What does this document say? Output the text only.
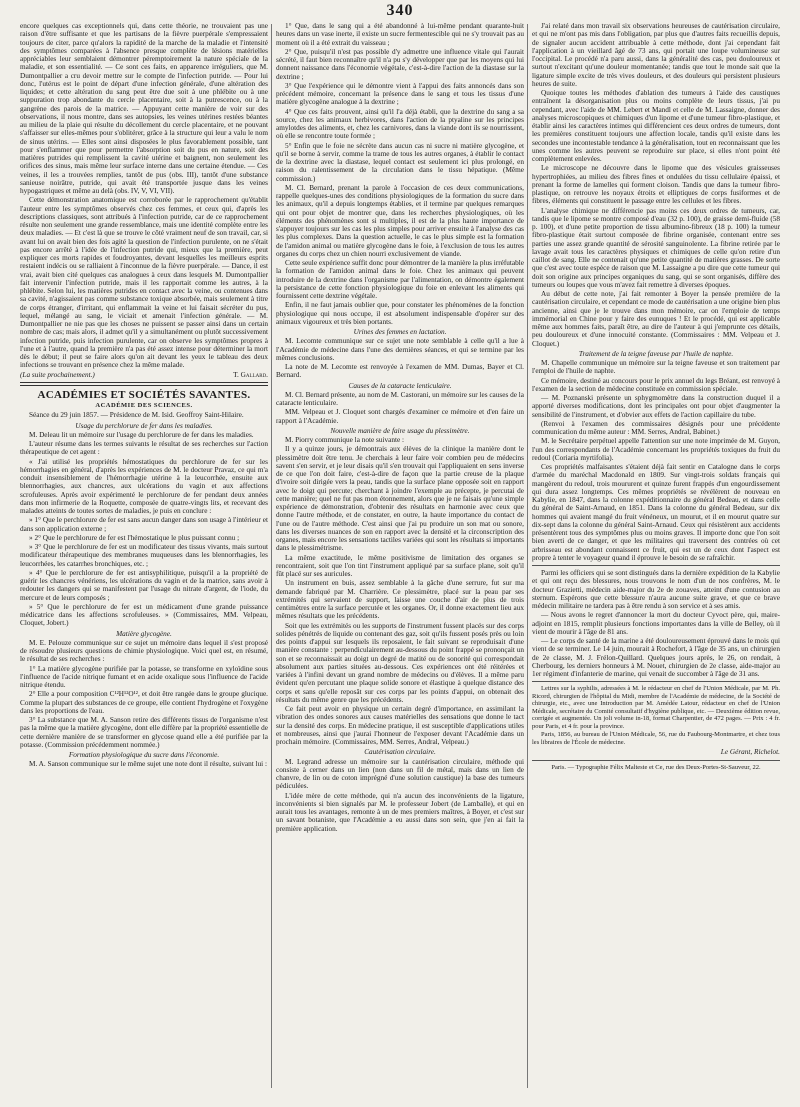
340

encore quelques cas exceptionnels qui, dans cette théorie, ne trouvaient pas une raison d'être suffisante et que les partisans de la fièvre puerpérale s'empressaient toujours de citer, parce qu'alors la rapidité de la marche de la maladie et l'intensité des symptômes comparées à l'absence presque complète de lésions matérielles appréciables leur semblaient démontrer péremptoirement la nature spéciale de la maladie, et son essentialité. — Ce sont ces faits, en apparence irréguliers, que M. Dumontpallier a cru devoir mettre sur le compte de l'infection putride. — Pour lui donc, l'utérus est le point de départ d'une infection générale, d'une altération des liquides; et cette altération du sang peut être due soit à une phlébite ou à une suppuration trop abondante du cercle placentaire, soit à la putrescence, ou à la gangrène des parois de la matrice. — Appuyant cette manière de voir sur des observations, il nous montre, dans ses autopsies, les veines utérines restées béantes au milieu de la plaie qui résulte du décollement du cercle placentaire, et ne pouvant s'affaisser sur elles-mêmes pour s'oblitérer, grâce à la structure qui leur a valu le nom de sinus utérins. — Elles sont ainsi disposées le plus favorablement possible, tant pour s'enflammer que pour permettre l'absorption soit du pus en nature, soit des matières putrides qui remplissent la cavité utérine et baignent, non seulement les orifices des sinus, mais même leur surface interne dans une certaine étendue. — Ces veines, il les a trouvées remplies, tantôt de pus (obs. III), tantôt d'une substance sanieuse noirâtre, putride, qui avait été transportée jusque dans les veines hypogastriques et même au delà (obs. IV, V, VI, VII).

Cette démonstration anatomique est corroborée par le rapprochement qu'établit l'auteur entre les symptômes observés chez ces femmes, et ceux qui, d'après les descriptions classiques, sont attribués à l'infection putride, car de ce rapprochement résulte non seulement une grande ressemblance, mais une identité complète entre les deux maladies. — Et c'est là que se trouve le côté vraiment neuf de son travail, car, si avant lui on avait bien des fois agité la question de l'infection purulente, on ne s'était pas encore arrêté à l'idée de l'infection putride qui, mieux que la première, peut expliquer ces morts rapides et foudroyantes, devant lesquelles les meilleurs esprits restaient indécis ou se ralliaient à l'inconnue de la fièvre puerpérale. — Dance, il est vrai, avait bien cité quelques cas analogues à ceux dans lesquels M. Dumontpallier fait intervenir l'infection putride, mais il les rapportait comme les autres, à la phlébite. Selon lui, les matières putrides en contact avec la veine, ou contenues dans sa cavité, n'agissaient pas comme substance toxique absorbée, mais seulement à titre de corps étranger, d'irritant, qui enflammait la veine et lui faisait sécréter du pus, lequel, mélangé au sang, le viciait et amenait l'infection générale. — M. Dumontpallier ne nie pas que les choses ne puissent se passer ainsi dans un certain nombre de cas; mais alors, il admet qu'il y a simultanément ou plutôt successivement infection putride, puis infection purulente, car on observe les symptômes propres à l'une et à l'autre, quand la première n'a pas été assez intense pour déterminer la mort dès le début; il peut se faire alors qu'on ait devant les yeux le tableau des deux infections se trouvant en présence chez la même malade.

(La suite prochainement.)	T. Gallard.
ACADÉMIES ET SOCIÉTÉS SAVANTES.
ACADÉMIE DES SCIENCES.

Séance du 29 juin 1857. — Présidence de M. Isid. Geoffroy Saint-Hilaire.

Usage du perchlorure de fer dans les maladies.

M. Deleau lit un mémoire sur l'usage du perchlorure de fer dans les maladies.

L'auteur résume dans les termes suivants le résultat de ses recherches sur l'action thérapeutique de cet agent :

« J'ai utilisé les propriétés hémostatiques du perchlorure de fer sur les hémorrhagies en général, d'après les expériences de M. le docteur Pravaz, ce qui m'a conduit insensiblement de l'hémorrhagie utérine à la leucorrhée, ensuite aux blennorrhagies, aux chancres, aux ulcérations du vagin et aux affections scrofuleuses. Après avoir expérimenté le perchlorure de fer pendant deux années dans mon infirmerie de la Roquette, composée de quatre-vingts lits, et recevant des malades atteints de toutes sortes de maladies, je puis en conclure :

» 1° Que le perchlorure de fer est sans aucun danger dans son usage à l'intérieur et dans son application externe ;

» 2° Que le perchlorure de fer est l'hémostatique le plus puissant connu ;

» 3° Que le perchlorure de fer est un modificateur des tissus vivants, mais surtout modificateur thérapeutique des membranes muqueuses dans les blennorrhagies, les leucorrhées, les catarrhes bronchiques, etc. ;

» 4° Que le perchlorure de fer est antisyphilitique, puisqu'il a la propriété de guérir les chancres vénériens, les ulcérations du vagin et de la matrice, sans avoir à redouter les dangers qui se manifestent par l'usage du nitrate d'argent, de l'iode, du mercure et de leurs composés ;

» 5° Que le perchlorure de fer est un médicament d'une grande puissance médicatrice dans les affections scrofuleuses. » (Commissaires, MM. Velpeau, Cloquet, Jobert.)

Matière glycogène.

M. E. Pelouze communique sur ce sujet un mémoire dans lequel il s'est proposé de résoudre plusieurs questions de chimie physiologique. Voici quel est, en résumé, le résultat de ses recherches :

1° La matière glycogène purifiée par la potasse, se transforme en xyloïdine sous l'influence de l'acide nitrique fumant et en acide oxalique sous l'influence de l'acide nitrique étendu.

2° Elle a pour composition C¹²H¹²O¹², et doit être rangée dans le groupe glucique. Comme la plupart des substances de ce groupe, elle contient l'hydrogène et l'oxygène dans les proportions de l'eau.

3° La substance que M. A. Sanson retire des différents tissus de l'organisme n'est pas la même que la matière glycogène, dont elle diffère par la propriété essentielle de cette dernière manière de se transformer en glycose quand elle a été purifiée par la potasse. (Commission précédemment nommée.)

Formation physiologique du sucre dans l'économie.

M. A. Sanson communique sur le même sujet une note dont il résulte, suivant lui :

1° Que, dans le sang qui a été abandonné à lui-même pendant quarante-huit heures dans un vase inerte, il existe un sucre fermentescible qui ne s'y trouvait pas au moment où il a été extrait du vaisseau ;

2° Que, puisqu'il n'est pas possible d'y admettre une influence vitale qui l'aurait sécrété, il faut bien reconnaître qu'il n'a pu s'y développer que par les moyens qui lui donnent naissance dans l'économie végétale, c'est-à-dire l'action de la diastase sur la dextrine ;

3° Que l'expérience qui le démontre vient à l'appui des faits annoncés dans son précédent mémoire, concernant la présence dans le sang et tous les tissus d'une matière glycogène analogue à la dextrine ;

4° Que ces faits prouvent, ainsi qu'il l'a déjà établi, que la dextrine du sang a sa source, chez les animaux herbivores, dans l'action de la ptyaline sur les principes amylotdes des aliments, et, chez les carnivores, dans la viande dont ils se nourrissent, où elle se rencontre toute formée ;

5° Enfin que le foie ne sécrète dans aucun cas ni sucre ni matière glycogène, et qu'il se borne à servir, comme la trame de tous les autres organes, à établir le contact de la dextrine avec la diastase, lequel contact est seulement ici plus prolongé, en raison du ralentissement de la circulation dans le tissu hépatique. (Même commission.)

M. Cl. Bernard, prenant la parole à l'occasion de ces deux communications, rappelle quelques-unes des conditions physiologiques de la formation du sucre dans les animaux, qu'il a depuis longtemps établies, et il termine par quelques remarques qui ont pour objet de montrer que, dans les recherches physiologiques, où les éléments des phénomènes sont si multiples, il est de la plus haute importance de s'appuyer toujours sur les cas les plus simples pour arriver ensuite à l'analyse des cas les plus complexes. Dans la question actuelle, le cas le plus simple est la formation de l'amidon animal ou matière glycogène dans le foie, à l'exclusion de tous les autres organes du corps chez un chien nourri exclusivement de viande.

Cette seule expérience suffit donc pour démontrer de la manière la plus irréfutable la formation de l'amidon animal dans le foie. Chez les animaux qui peuvent introduire de la dextrine dans l'organisme par l'alimentation, on démontre également la persistance de cette fonction physiologique du foie en enlevant les aliments qui fournissent cette dextrine végétale.

Enfin, il ne faut jamais oublier que, pour constater les phénomènes de la fonction physiologique qui nous occupe, il est absolument indispensable d'opérer sur des animaux vigoureux et très bien portants.

Urines des femmes en lactation.

M. Lecomte communique sur ce sujet une note semblable à celle qu'il a lue à l'Académie de médecine dans l'une des dernières séances, et qui se termine par les mêmes conclusions.

La note de M. Lecomte est renvoyée à l'examen de MM. Dumas, Bayer et Cl. Bernard.

Causes de la cataracte lenticulaire.

M. Cl. Bernard présente, au nom de M. Castorani, un mémoire sur les causes de la cataracte lenticulaire.

MM. Velpeau et J. Cloquet sont chargés d'examiner ce mémoire et d'en faire un rapport à l'Académie.

Nouvelle manière de faire usage du plessimètre.

M. Piorry communique la note suivante :

Il y a quinze jours, je démontrais aux élèves de la clinique la manière dont le plessimètre doit être tenu. Je cherchais à leur faire voir combien peu de médecins savent s'en servir, et je leur disais qu'il s'en trouvait qui l'appliquaient en sens inverse de ce que l'on doit faire, c'est-à-dire de façon que la partie creuse de la plaque d'ivoire soit dirigée vers la peau, tandis que la surface plane opposée soit en rapport avec le doigt qui percute; cherchant à joindre l'exemple au précepte, je percutai de cette manière; quel ne fut pas mon étonnement, alors que je ne faisais qu'une simple expérience de démonstration, d'obtenir des résultats en harmonie avec ceux que donne l'autre méthode, et de constater, en outre, la haute importance du contact de l'une ou de l'autre méthode. C'est ainsi que j'ai pu produire un son mat ou sonore, dans les diverses nuances de son en rapport avec la densité et la circonscription des organes, mais encore les sensations tactiles variées qui sont les résultats si importants dans le plessimétrisme.

La même exactitude, le même positivisme de limitation des organes se rencontraient, soit que l'on tint l'instrument appliqué par sa surface plane, soit qu'il fût placé sur ses auricules.

Un instrument en buis, assez semblable à la gâche d'une serrure, fut sur ma demande fabriqué par M. Charrière. Ce plessimètre, placé sur la peau par ses extrémités qui servaient de support, laisse une couche d'air de plus de trois centimètres entre la surface percutée et les organes. Or, il donne exactement lieu aux mêmes résultats que les précédents.

Soit que les extrémités ou les supports de l'instrument fussent placés sur des corps solides pénétrés de liquide ou contenant des gaz, soit qu'ils fussent posés près ou loin des points d'appui sur lesquels ils reposaient, le fait suivant se reproduisait d'une manière constante : perpendiculairement au-dessous du point frappé se prononçait un son et se reconnaissait au doigt un degré de matité ou de sonorité qui correspondait absolument aux parties situées au-dessous. Ces expériences ont été réitérées et variées à l'infini devant un grand nombre de médecins ou d'élèves. Il a même paru évident qu'en percutant une plaque solide sonore et élastique à quelque distance des corps et sans qu'elle reposât sur ces corps par les points d'appui, on obtenait des résultats du même genre que les précédents.

Ce fait peut avoir en physique un certain degré d'importance, en assimilant la vibration des ondes sonores aux causes matérielles des sensations que donne le tact sur la densité des corps. En médecine pratique, il est susceptible d'applications utiles et nombreuses, ainsi que j'aurai l'honneur de l'exposer devant l'Académie dans un prochain mémoire. (Commissaires, MM. Serres, Andral, Velpeau.)

Cautérisation circulaire.

M. Legrand adresse un mémoire sur la cautérisation circulaire, méthode qui consiste à cerner dans un lien (non dans un fil de métal, mais dans un lien de chanvre, de lin ou de coton imprégné d'une solution caustique) la base des tumeurs pédiculées.

L'idée mère de cette méthode, qui n'a aucun des inconvénients de la ligature, inconvénients si bien signalés par M. le professeur Jobert (de Lamballe), et qui en aurait tous les avantages, remonte à un de mes premiers maîtres, à Boyer, et c'est sur un savant botaniste, que l'Académie a eu aussi dans son sein, que j'en ai fait la première application.

J'ai relaté dans mon travail six observations heureuses de cautérisation circulaire, et qui ne m'ont pas mis dans l'obligation, par plus que d'autres faits recueillis depuis, de signaler aucun accident attribuable à cette méthode, dont j'ai cependant fait l'application à un vieillard âgé de 73 ans, qui portait une loupe volumineuse sur l'occipital. Le procédé n'a paru aussi, dans la généralité des cas, peu douloureux et surtout n'excitant qu'une douleur momentanée; tandis que tout le monde sait que la ligature simple excite de très vives douleurs, et des douleurs qui persistent plusieurs heures de suite.

Quoique toutes les méthodes d'ablation des tumeurs à l'aide des caustiques entraînent la désorganisation plus ou moins complète de leurs tissus, j'ai pu cependant, avec l'aide de MM. Lebert et Mandl et celle de M. Lassaigne, donner des analyses microscopiques et chimiques d'un lipome et d'une tumeur fibro-plastique, et établir ainsi les caractères intimes qui différencient ces deux ordres de tumeurs, dont les premières constituent toujours une affection locale, tandis qu'il existe dans les secondes une incontestable tendance à la généralisation, tout en reconnaissant que les unes comme les autres peuvent se reproduire sur place, si elles n'ont point été complètement enlevées.

Le microscope ne découvre dans le lipome que des vésicules graisseuses hypertrophiées, au milieu des fibres fines et ondulées du tissu cellulaire épaissi, et prenant la forme de lamelles qui forment cloison. Tandis que dans la tumeur fibro-plastique, on retrouve les noyaux étroits et elliptiques de corps fusiformes et de fibres, éléments qui constituent le passage entre les cellules et les fibres.

L'analyse chimique ne différencie pas moins ces deux ordres de tumeurs, car, tandis que le lipome se montre composé d'eau (32 p. 100), de graisse demi-fluide (58 p. 100), et d'une petite proportion de tissu albumino-fibreux (18 p. 100) la tumeur fibro-plastique était surtout composée de fibrine organisée, contenant entre ses parties une assez grande quantité de sérosité sanguinolente. La fibrine retirée par le lavage avait tous les caractères physiques et chimiques de celle qu'on retire d'un caillot de sang. Elle ne contenait qu'une petite quantité de matières grasses. De sorte que c'est avec toute espèce de raison que M. Lassaigne a pu dire que cette tumeur qui doit son origine aux principes organiques du sang, qui se sont organisés, diffère des tumeurs ou loupes que vous m'avez fait remettre à diverses époques.

Au début de cette note, j'ai fait remonter à Boyer la pensée première de la cautérisation circulaire, et cependant ce mode de cautérisation a une origine bien plus ancienne, ainsi que je le trouve dans mon mémoire, car on l'emploie de temps immémorial en Chine pour y faire des eunuques ! Et le procédé, qui est applicable même aux hommes faits, paraît être, au dire de l'auteur à qui j'emprunte ces détails, peu douloureux et d'une innocuité constante. (Commissaires : MM. Velpeau et J. Cloquet.)

Traitement de la teigne faveuse par l'huile de naphte.

M. Chapelle communique un mémoire sur la teigne faveuse et son traitement par l'emploi de l'huile de naphte.

Ce mémoire, destiné au concours pour le prix annuel du legs Bréant, est renvoyé à l'examen de la section de médecine constituée en commission spéciale.

— M. Poznanski présente un sphygmomètre dans la construction duquel il a apporté diverses modifications, dont les principales ont pour objet d'augmenter la sensibilité de l'instrument, et d'obvier aux effets de l'action capillaire du tube.

(Renvoi à l'examen des commissaires désignés pour une précédente communication du même auteur : MM. Serres, Andral, Babinet.)

M. le Secrétaire perpétuel appelle l'attention sur une note imprimée de M. Guyon, l'un des correspondants de l'Académie concernant les propriétés toxiques du fruit du redoul (Coriaria myrtifolia).

Ces propriétés malfaisantes s'étaient déjà fait sentir en Catalogne dans le corps d'armée du maréchal Macdonald en 1809. Sur vingt-trois soldats français qui mangèrent du redoul, trois moururent et quinze furent frappés d'un engourdissement qui dura assez longtemps. Ces mêmes propriétés se révélèrent de nouveau en Kabylie, en 1847, dans la colonne expéditionnaire du général Bedeau, et dans celle du général de Saint-Arnaud, en 1851. Dans la colonne du général Bedeau, sur dix hommes qui avaient mangé du fruit vénéneux, un mourut, et il en mourut quatre sur dix-sept dans la colonne du général Saint-Arnaud. Ceux qui résistèrent aux accidents présentèrent tous des symptômes plus ou moins graves. Il importe donc que l'on soit bien averti de ce danger, et que les militaires qui traversent des contrées où cet arbrisseau est abondant connaissent ce fruit, qui est un de ceux dont l'aspect est propre à tenter le voyageur quand il éprouve le besoin de se rafraîchir.

Parmi les officiers qui se sont distingués dans la dernière expédition de la Kabylie et qui ont reçu des blessures, nous trouvons le nom d'un de nos confrères, M. le docteur Grazietti, médecin aide-major du 2e de zouaves, atteint d'une contusion au sternum. Espérons que cette blessure n'aura aucune suite grave, et que ce brave médecin militaire ne tardera pas à être rendu à son service et à ses amis.

— Nous avons le regret d'annoncer la mort du docteur Cyvoct père, qui, maire-adjoint en 1815, remplit plusieurs fonctions importantes dans la ville de Belley, où il vient de mourir à l'âge de 81 ans.

— Le corps de santé de la marine a été douloureusement éprouvé dans le mois qui vient de se terminer. Le 14 juin, mourait à Rochefort, à l'âge de 35 ans, un chirurgien de 2e classe, M. J. Frélon-Quillard. Quelques jours après, le 26, on rendait, à Cherbourg, les derniers honneurs à M. Nouet, chirurgien de 2e classe, aide-major au 1er régiment d'infanterie de marine, qui venait de succomber à l'âge de 31 ans.

Lettres sur la syphilis, adressées à M. le rédacteur en chef de l'Union Médicale, par M. Ph. Ricord, chirurgien de l'hôpital du Midi, membre de l'Académie de médecine, de la Société de chirurgie, etc., avec une Introduction par M. Amédée Latour, rédacteur en chef de l'Union Médicale, secrétaire du Comité consultatif d'hygiène publique, etc. — Deuxième édition revue, corrigée et augmentée. Un joli volume in-18, format Charpentier, de 472 pages. — Prix : 4 fr. pour Paris, et 4 fr. pour la province.

Paris, 1856, au bureau de l'Union Médicale, 56, rue du Faubourg-Montmartre, et chez tous les libraires de l'École de médecine.

Le Gérant, Richelot.
Paris. — Typographie Félix Malteste et Ce, rue des Deux-Portes-St-Sauveur, 22.
